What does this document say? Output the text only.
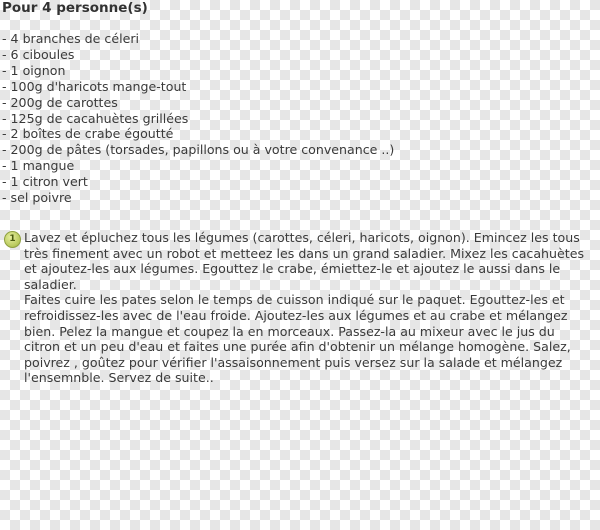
Pour 4 personne(s)
- 4 branches de céleri
- 6 ciboules
- 1 oignon
- 100g d'haricots mange-tout
- 200g de carottes
- 125g de cacahuètes grillées
- 2 boîtes de crabe égoutté
- 200g de pâtes (torsades, papillons ou à votre convenance ..)
- 1 mangue
- 1 citron vert
- sel poivre
1 Lavez et épluchez tous les légumes (carottes, céleri, haricots, oignon). Emincez les tous très finement avec un robot et metteez les dans un grand saladier. Mixez les cacahuètes et ajoutez-les aux légumes. Egouttez le crabe, émiettez-le et ajoutez le aussi dans le saladier.

Faites cuire les pates selon le temps de cuisson indiqué sur le paquet. Egouttez-les et refroidissez-les avec de l'eau froide. Ajoutez-les aux légumes et au crabe et mélangez bien. Pelez la mangue et coupez la en morceaux. Passez-la au mixeur avec le jus du citron et un peu d'eau et faites une purée afin d'obtenir un mélange homogène. Salez, poivrez , goûtez pour vérifier l'assaisonnement puis versez sur la salade et mélangez l'ensemnble. Servez de suite..
